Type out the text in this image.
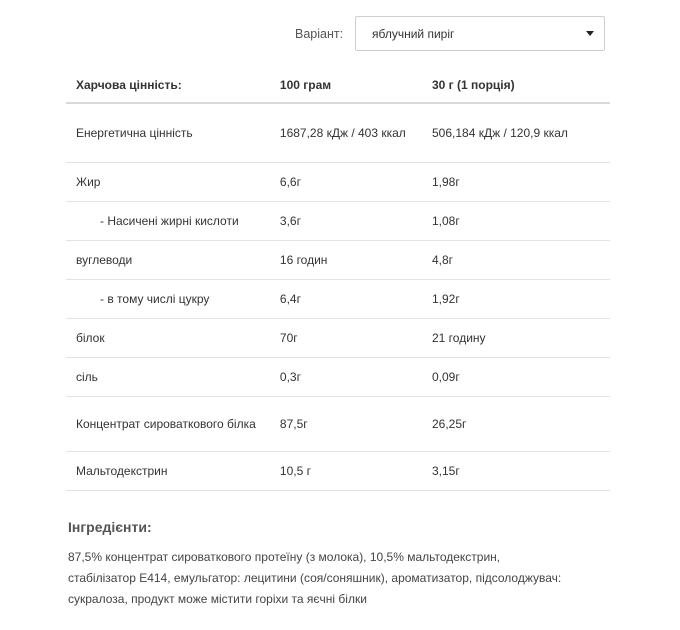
Варіант:	яблучний пиріг
Харчова цінність:	100 грам	30 г (1 порція)
Енергетична цінність	1687,28 кДж / 403 ккал	506,184 кДж / 120,9 ккал
Жир	6,6г	1,98г
- Насичені жирні кислоти	3,6г	1,08г
вуглеводи	16 годин	4,8г
- в тому числі цукру	6,4г	1,92г
білок	70г	21 годину
сіль	0,3г	0,09г
Концентрат сироваткового білка	87,5г	26,25г
Мальтодекстрин	10,5 г	3,15г
Інгредієнти:
87,5% концентрат сироваткового протеїну (з молока), 10,5% мальтодекстрин, стабілізатор Е414, емульгатор: лецитини (соя/соняшник), ароматизатор, підсолоджувач: сукралоза, продукт може містити горіхи та яєчні білки
